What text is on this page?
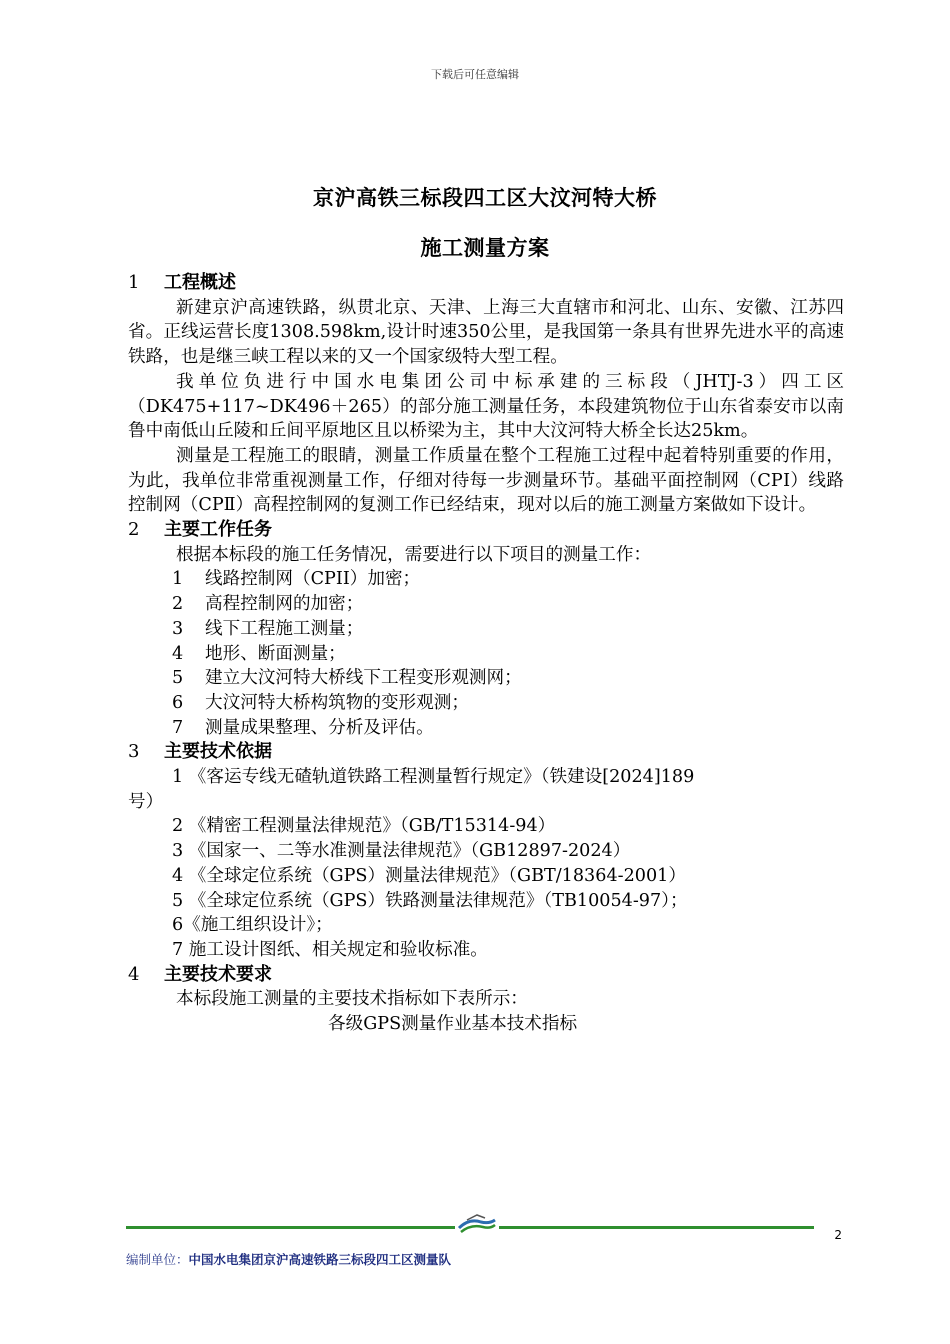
下载后可任意编辑
京沪高铁三标段四工区大汶河特大桥
施工测量方案
1 工程概述

新建京沪高速铁路，纵贯北京、天津、上海三大直辖市和河北、山东、安徽、江苏四省。正线运营长度1308.598km,设计时速350公里，是我国第一条具有世界先进水平的高速铁路，也是继三峡工程以来的又一个国家级特大型工程。

我单位负进行中国水电集团公司中标承建的三标段（JHTJ-3）四工区（DK475+117~DK496＋265）的部分施工测量任务，本段建筑物位于山东省泰安市以南鲁中南低山丘陵和丘间平原地区且以桥梁为主，其中大汶河特大桥全长达25km。

测量是工程施工的眼睛，测量工作质量在整个工程施工过程中起着特别重要的作用，为此，我单位非常重视测量工作，仔细对待每一步测量环节。基础平面控制网（CPⅠ）线路控制网（CPⅡ）高程控制网的复测工作已经结束，现对以后的施工测量方案做如下设计。

2 主要工作任务

根据本标段的施工任务情况，需要进行以下项目的测量工作：

1 线路控制网（CPII）加密；
2 高程控制网的加密；
3 线下工程施工测量；
4 地形、断面测量；
5 建立大汶河特大桥线下工程变形观测网；
6 大汶河特大桥构筑物的变形观测；
7 测量成果整理、分析及评估。
3 主要技术依据
1 《客运专线无碴轨道铁路工程测量暂行规定》（铁建设[2024]189
号）
2 《精密工程测量法律规范》（GB/T15314-94）
3 《国家一、二等水准测量法律规范》（GB12897-2024）
4 《全球定位系统（GPS）测量法律规范》（GBT/18364-2001）
5 《全球定位系统（GPS）铁路测量法律规范》（TB10054-97）；
6《施工组织设计》；
7 施工设计图纸、相关规定和验收标准。
4 主要技术要求

本标段施工测量的主要技术指标如下表所示：

各级GPS测量作业基本技术指标
2
编制单位：中国水电集团京沪高速铁路三标段四工区测量队
